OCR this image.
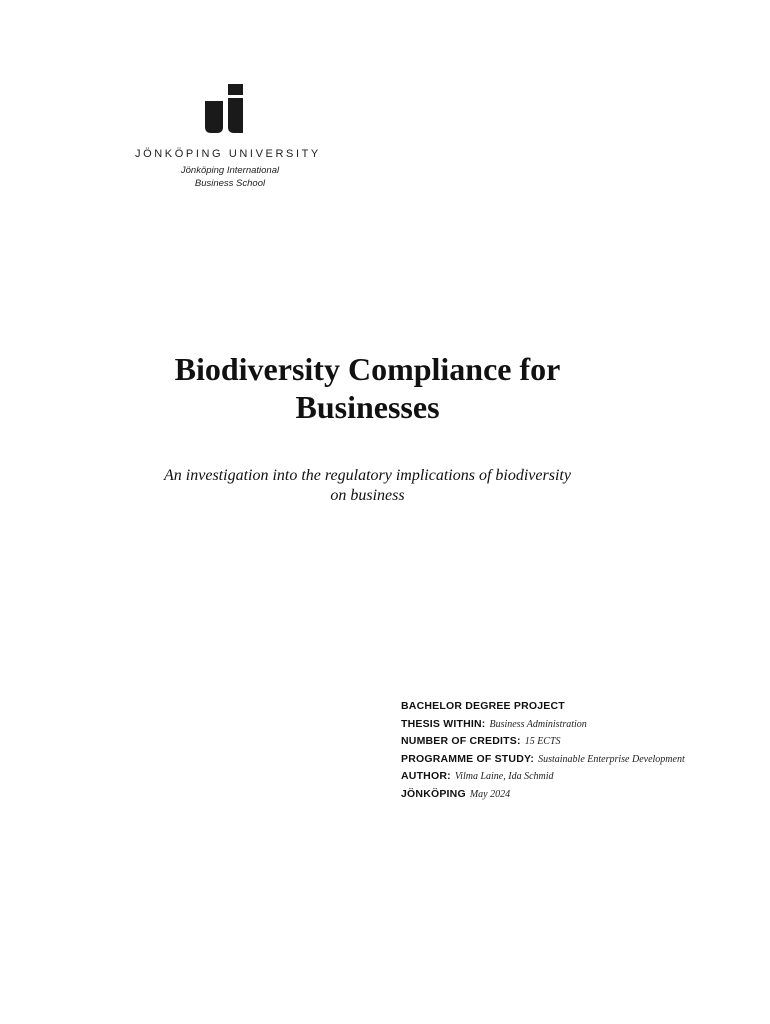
JÖNKÖPING UNIVERSITY
Jönköping International
Business School
Biodiversity Compliance for
Businesses
An investigation into the regulatory implications of biodiversity
on business
BACHELOR DEGREE PROJECT
THESIS WITHIN: Business Administration
NUMBER OF CREDITS: 15 ECTS
PROGRAMME OF STUDY: Sustainable Enterprise Development
AUTHOR: Vilma Laine, Ida Schmid
JÖNKÖPING May 2024
